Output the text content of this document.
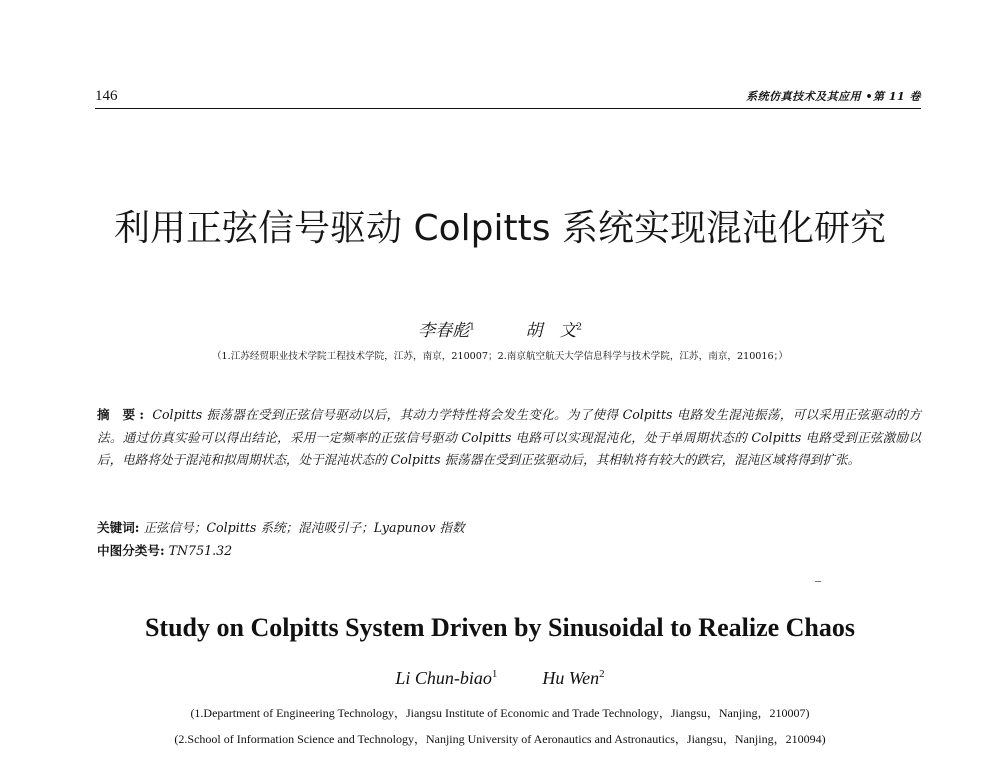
146	系统仿真技术及其应用 •第 11 卷
利用正弦信号驱动 Colpitts 系统实现混沌化研究
李春彪$^1$	胡　文$^2$
（1.江苏经贸职业技术学院工程技术学院，江苏，南京，210007；2.南京航空航天大学信息科学与技术学院，江苏，南京，210016；）
摘 要: Colpitts 振荡器在受到正弦信号驱动以后，其动力学特性将会发生变化。为了使得 Colpitts 电路发生混沌振荡，可以采用正弦驱动的方法。通过仿真实验可以得出结论，采用一定频率的正弦信号驱动 Colpitts 电路可以实现混沌化，处于单周期状态的 Colpitts 电路受到正弦激励以后，电路将处于混沌和拟周期状态，处于混沌状态的 Colpitts 振荡器在受到正弦驱动后，其相轨将有较大的跌宕，混沌区域将得到扩张。
关键词: 正弦信号；Colpitts 系统；混沌吸引子；Lyapunov 指数
中图分类号: TN751.32
Study on Colpitts System Driven by Sinusoidal to Realize Chaos
Li Chun-biao$^1$	Hu Wen$^2$
(1.Department of Engineering Technology，Jiangsu Institute of Economic and Trade Technology，Jiangsu，Nanjing，210007)
(2.School of Information Science and Technology，Nanjing University of Aeronautics and Astronautics，Jiangsu，Nanjing，210094)
